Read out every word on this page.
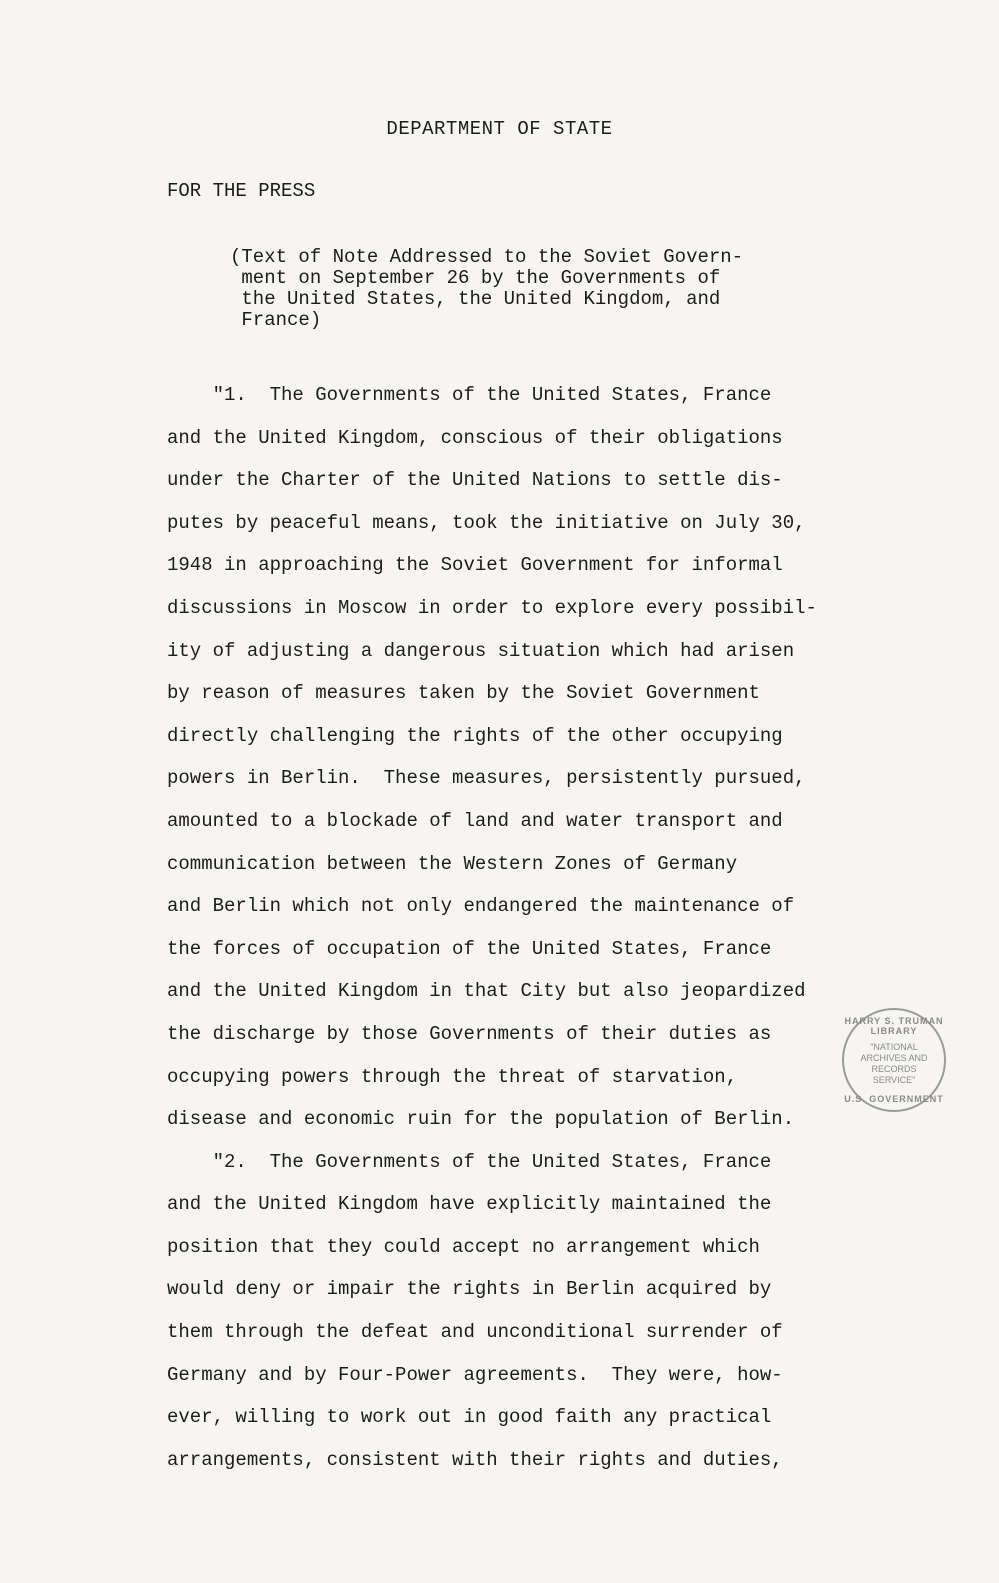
DEPARTMENT OF STATE
FOR THE PRESS
(Text of Note Addressed to the Soviet Govern-
ment on September 26 by the Governments of
the United States, the United Kingdom, and
France)
"1.  The Governments of the United States, France
and the United Kingdom, conscious of their obligations
under the Charter of the United Nations to settle dis-
putes by peaceful means, took the initiative on July 30,
1948 in approaching the Soviet Government for informal
discussions in Moscow in order to explore every possibil-
ity of adjusting a dangerous situation which had arisen
by reason of measures taken by the Soviet Government
directly challenging the rights of the other occupying
powers in Berlin.  These measures, persistently pursued,
amounted to a blockade of land and water transport and
communication between the Western Zones of Germany
and Berlin which not only endangered the maintenance of
the forces of occupation of the United States, France
and the United Kingdom in that City but also jeopardized
the discharge by those Governments of their duties as
occupying powers through the threat of starvation,
disease and economic ruin for the population of Berlin.
"2.  The Governments of the United States, France
and the United Kingdom have explicitly maintained the
position that they could accept no arrangement which
would deny or impair the rights in Berlin acquired by
them through the defeat and unconditional surrender of
Germany and by Four-Power agreements.  They were, how-
ever, willing to work out in good faith any practical
arrangements, consistent with their rights and duties,
HARRY S. TRUMAN LIBRARY
"NATIONAL
ARCHIVES AND
RECORDS
SERVICE"
U.S. GOVERNMENT
